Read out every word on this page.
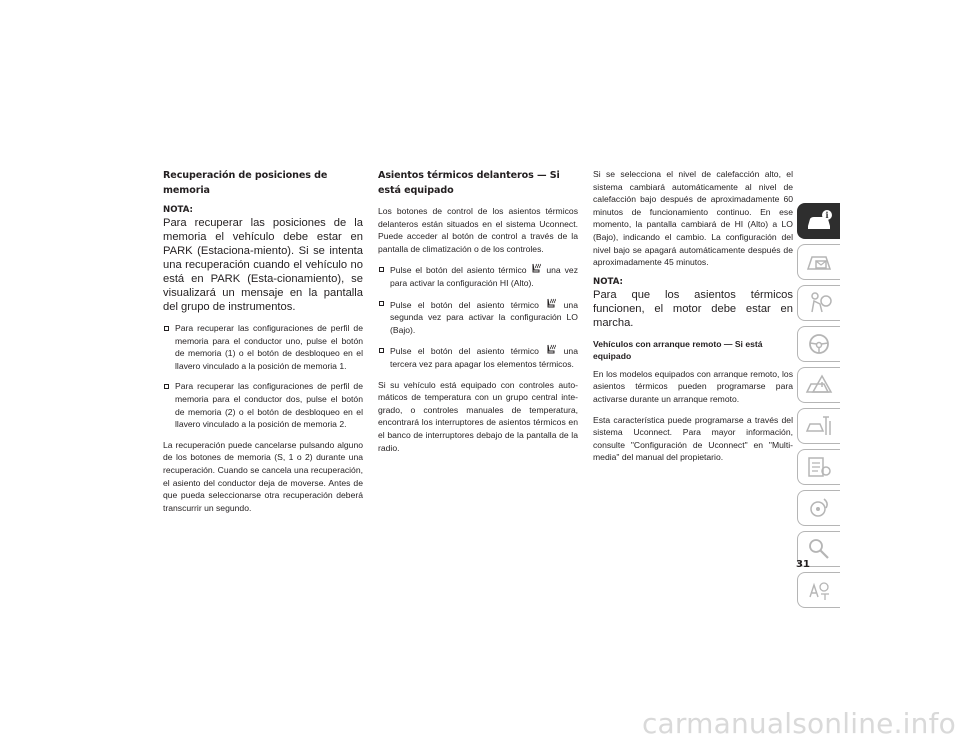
Recuperación de posiciones de memoria

NOTA:

Para recuperar las posiciones de la memoria el vehículo debe estar en PARK (Estaciona-miento). Si se intenta una recuperación cuando el vehículo no está en PARK (Esta-cionamiento), se visualizará un mensaje en la pantalla del grupo de instrumentos.

Para recuperar las configuraciones de perfil de memoria para el conductor uno, pulse el botón de memoria (1) o el botón de desbloqueo en el llavero vinculado a la posición de memoria 1.
Para recuperar las configuraciones de perfil de memoria para el conductor dos, pulse el botón de memoria (2) o el botón de desbloqueo en el llavero vinculado a la posición de memoria 2.

La recuperación puede cancelarse pulsando alguno de los botones de memoria (S, 1 o 2) durante una recuperación. Cuando se cancela una recuperación, el asiento del conductor deja de moverse. Antes de que pueda seleccionarse otra recuperación deberá transcurrir un segundo.

Asientos térmicos delanteros — Si está equipado

Los botones de control de los asientos térmicos delanteros están situados en el sistema Uconnect. Puede acceder al botón de control a través de la pantalla de climatización o de los controles.

Pulse el botón del asiento térmico
una vez para activar la configuración HI (Alto).
Pulse el botón del asiento térmico
una segunda vez para activar la configuración LO (Bajo).
Pulse el botón del asiento térmico
una tercera vez para apagar los elementos térmicos.

Si su vehículo está equipado con controles auto-máticos de temperatura con un grupo central inte-grado, o controles manuales de temperatura, encontrará los interruptores de asientos térmicos en el banco de interruptores debajo de la pantalla de la radio.

Si se selecciona el nivel de calefacción alto, el sistema cambiará automáticamente al nivel de calefacción bajo después de aproximadamente 60 minutos de funcionamiento continuo. En ese momento, la pantalla cambiará de HI (Alto) a LO (Bajo), indicando el cambio. La configuración del nivel bajo se apagará automáticamente después de aproximadamente 45 minutos.

NOTA:

Para que los asientos térmicos funcionen, el motor debe estar en marcha.

Vehículos con arranque remoto — Si está equipado

En los modelos equipados con arranque remoto, los asientos térmicos pueden programarse para activarse durante un arranque remoto.

Esta característica puede programarse a través del sistema Uconnect. Para mayor información, consulte "Configuración de Uconnect" en "Multi-media" del manual del propietario.

i
31
carmanualsonline.info
